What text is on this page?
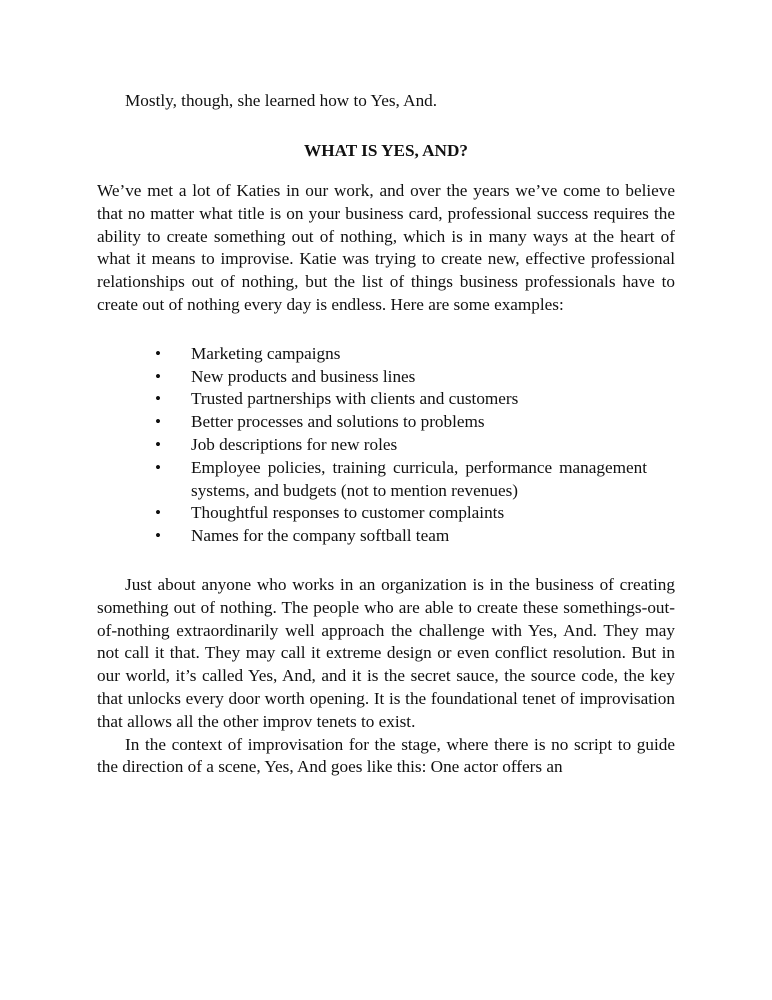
Mostly, though, she learned how to Yes, And.

WHAT IS YES, AND?

We’ve met a lot of Katies in our work, and over the years we’ve come to believe that no matter what title is on your business card, professional success requires the ability to create something out of nothing, which is in many ways at the heart of what it means to improvise. Katie was trying to create new, effective professional relationships out of nothing, but the list of things business professionals have to create out of nothing every day is endless. Here are some examples:

• Marketing campaigns
• New products and business lines
• Trusted partnerships with clients and customers
• Better processes and solutions to problems
• Job descriptions for new roles
• Employee policies, training curricula, performance management systems, and budgets (not to mention revenues)
• Thoughtful responses to customer complaints
• Names for the company softball team

Just about anyone who works in an organization is in the business of creating something out of nothing. The people who are able to create these somethings-out-of-nothing extraordinarily well approach the challenge with Yes, And. They may not call it that. They may call it extreme design or even conflict resolution. But in our world, it’s called Yes, And, and it is the secret sauce, the source code, the key that unlocks every door worth opening. It is the foundational tenet of improvisation that allows all the other improv tenets to exist.

In the context of improvisation for the stage, where there is no script to guide the direction of a scene, Yes, And goes like this: One actor offers an
